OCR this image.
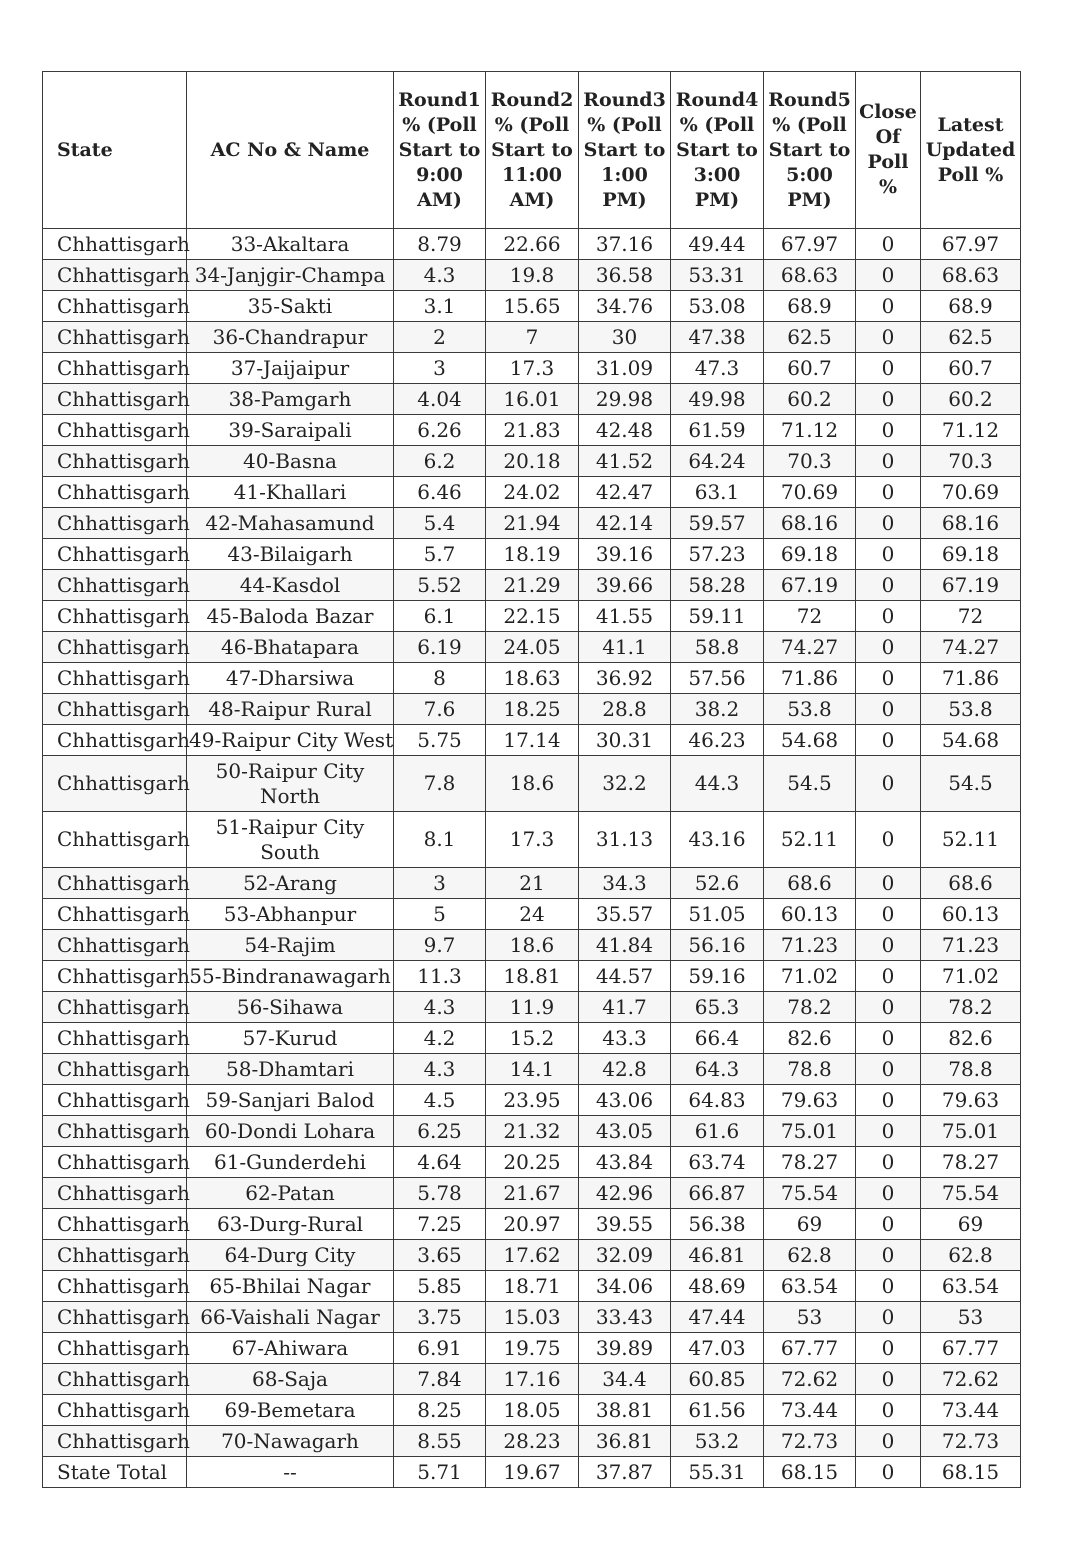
State	AC No & Name	Round1 % (Poll Start to 9:00 AM)	Round2 % (Poll Start to 11:00 AM)	Round3 % (Poll Start to 1:00 PM)	Round4 % (Poll Start to 3:00 PM)	Round5 % (Poll Start to 5:00 PM)	Close Of Poll %	Latest Updated Poll %
Chhattisgarh	33-Akaltara	8.79	22.66	37.16	49.44	67.97	0	67.97
Chhattisgarh	34-Janjgir-Champa	4.3	19.8	36.58	53.31	68.63	0	68.63
Chhattisgarh	35-Sakti	3.1	15.65	34.76	53.08	68.9	0	68.9
Chhattisgarh	36-Chandrapur	2	7	30	47.38	62.5	0	62.5
Chhattisgarh	37-Jaijaipur	3	17.3	31.09	47.3	60.7	0	60.7
Chhattisgarh	38-Pamgarh	4.04	16.01	29.98	49.98	60.2	0	60.2
Chhattisgarh	39-Saraipali	6.26	21.83	42.48	61.59	71.12	0	71.12
Chhattisgarh	40-Basna	6.2	20.18	41.52	64.24	70.3	0	70.3
Chhattisgarh	41-Khallari	6.46	24.02	42.47	63.1	70.69	0	70.69
Chhattisgarh	42-Mahasamund	5.4	21.94	42.14	59.57	68.16	0	68.16
Chhattisgarh	43-Bilaigarh	5.7	18.19	39.16	57.23	69.18	0	69.18
Chhattisgarh	44-Kasdol	5.52	21.29	39.66	58.28	67.19	0	67.19
Chhattisgarh	45-Baloda Bazar	6.1	22.15	41.55	59.11	72	0	72
Chhattisgarh	46-Bhatapara	6.19	24.05	41.1	58.8	74.27	0	74.27
Chhattisgarh	47-Dharsiwa	8	18.63	36.92	57.56	71.86	0	71.86
Chhattisgarh	48-Raipur Rural	7.6	18.25	28.8	38.2	53.8	0	53.8
Chhattisgarh	49-Raipur City West	5.75	17.14	30.31	46.23	54.68	0	54.68
Chhattisgarh	50-Raipur City North	7.8	18.6	32.2	44.3	54.5	0	54.5
Chhattisgarh	51-Raipur City South	8.1	17.3	31.13	43.16	52.11	0	52.11
Chhattisgarh	52-Arang	3	21	34.3	52.6	68.6	0	68.6
Chhattisgarh	53-Abhanpur	5	24	35.57	51.05	60.13	0	60.13
Chhattisgarh	54-Rajim	9.7	18.6	41.84	56.16	71.23	0	71.23
Chhattisgarh	55-Bindranawagarh	11.3	18.81	44.57	59.16	71.02	0	71.02
Chhattisgarh	56-Sihawa	4.3	11.9	41.7	65.3	78.2	0	78.2
Chhattisgarh	57-Kurud	4.2	15.2	43.3	66.4	82.6	0	82.6
Chhattisgarh	58-Dhamtari	4.3	14.1	42.8	64.3	78.8	0	78.8
Chhattisgarh	59-Sanjari Balod	4.5	23.95	43.06	64.83	79.63	0	79.63
Chhattisgarh	60-Dondi Lohara	6.25	21.32	43.05	61.6	75.01	0	75.01
Chhattisgarh	61-Gunderdehi	4.64	20.25	43.84	63.74	78.27	0	78.27
Chhattisgarh	62-Patan	5.78	21.67	42.96	66.87	75.54	0	75.54
Chhattisgarh	63-Durg-Rural	7.25	20.97	39.55	56.38	69	0	69
Chhattisgarh	64-Durg City	3.65	17.62	32.09	46.81	62.8	0	62.8
Chhattisgarh	65-Bhilai Nagar	5.85	18.71	34.06	48.69	63.54	0	63.54
Chhattisgarh	66-Vaishali Nagar	3.75	15.03	33.43	47.44	53	0	53
Chhattisgarh	67-Ahiwara	6.91	19.75	39.89	47.03	67.77	0	67.77
Chhattisgarh	68-Saja	7.84	17.16	34.4	60.85	72.62	0	72.62
Chhattisgarh	69-Bemetara	8.25	18.05	38.81	61.56	73.44	0	73.44
Chhattisgarh	70-Nawagarh	8.55	28.23	36.81	53.2	72.73	0	72.73
State Total	--	5.71	19.67	37.87	55.31	68.15	0	68.15
